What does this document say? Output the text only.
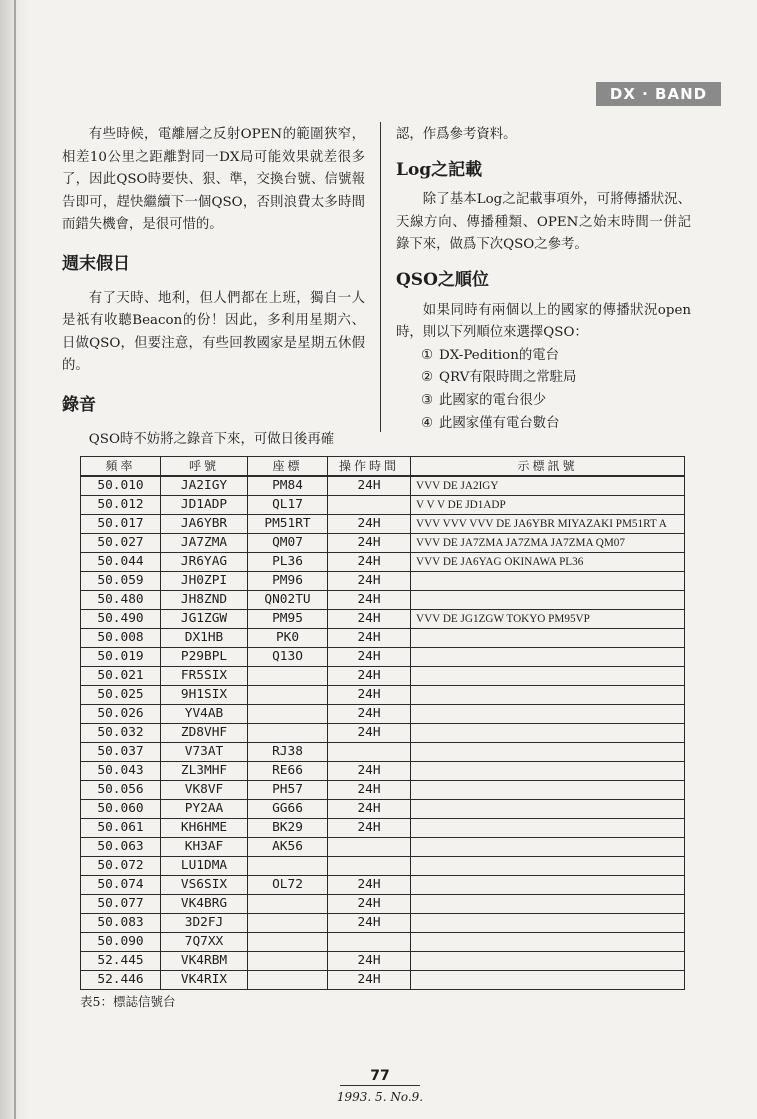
DX · BAND

有些時候，電離層之反射OPEN的範圍狹窄，相差10公里之距離對同一DX局可能效果就差很多了，因此QSO時要快、狠、準，交換台號、信號報告即可，趕快繼續下一個QSO，否則浪費太多時間而錯失機會，是很可惜的。

週末假日

有了天時、地利，但人們都在上班，獨自一人是祇有收聽Beacon的份！因此，多利用星期六、日做QSO，但要注意，有些回教國家是星期五休假的。

錄音

QSO時不妨將之錄音下來，可做日後再確

認，作爲參考資料。

Log之記載

除了基本Log之記載事項外，可將傳播狀況、天線方向、傳播種類、OPEN之始末時間一併記錄下來，做爲下次QSO之參考。

QSO之順位

如果同時有兩個以上的國家的傳播狀況open時，則以下列順位來選擇QSO：

① DX-Pedition的電台
② QRV有限時間之常駐局
③ 此國家的電台很少
④ 此國家僅有電台數台
頻率	呼號	座標	操作時間	示標訊號
50.010	JA2IGY	PM84	24H	VVV DE JA2IGY
50.012	JD1ADP	QL17		V V V DE JD1ADP
50.017	JA6YBR	PM51RT	24H	VVV VVV VVV DE JA6YBR MIYAZAKI PM51RT A
50.027	JA7ZMA	QM07	24H	VVV DE JA7ZMA JA7ZMA JA7ZMA QM07
50.044	JR6YAG	PL36	24H	VVV DE JA6YAG OKINAWA PL36
50.059	JH0ZPI	PM96	24H	
50.480	JH8ZND	QN02TU	24H	
50.490	JG1ZGW	PM95	24H	VVV DE JG1ZGW TOKYO PM95VP
50.008	DX1HB	PK0	24H	
50.019	P29BPL	Q13O	24H	
50.021	FR5SIX		24H	
50.025	9H1SIX		24H	
50.026	YV4AB		24H	
50.032	ZD8VHF		24H	
50.037	V73AT	RJ38		
50.043	ZL3MHF	RE66	24H	
50.056	VK8VF	PH57	24H	
50.060	PY2AA	GG66	24H	
50.061	KH6HME	BK29	24H	
50.063	KH3AF	AK56		
50.072	LU1DMA			
50.074	VS6SIX	OL72	24H	
50.077	VK4BRG		24H	
50.083	3D2FJ		24H	
50.090	7Q7XX			
52.445	VK4RBM		24H	
52.446	VK4RIX		24H	
表5：標誌信號台
77
1993. 5. No.9.
